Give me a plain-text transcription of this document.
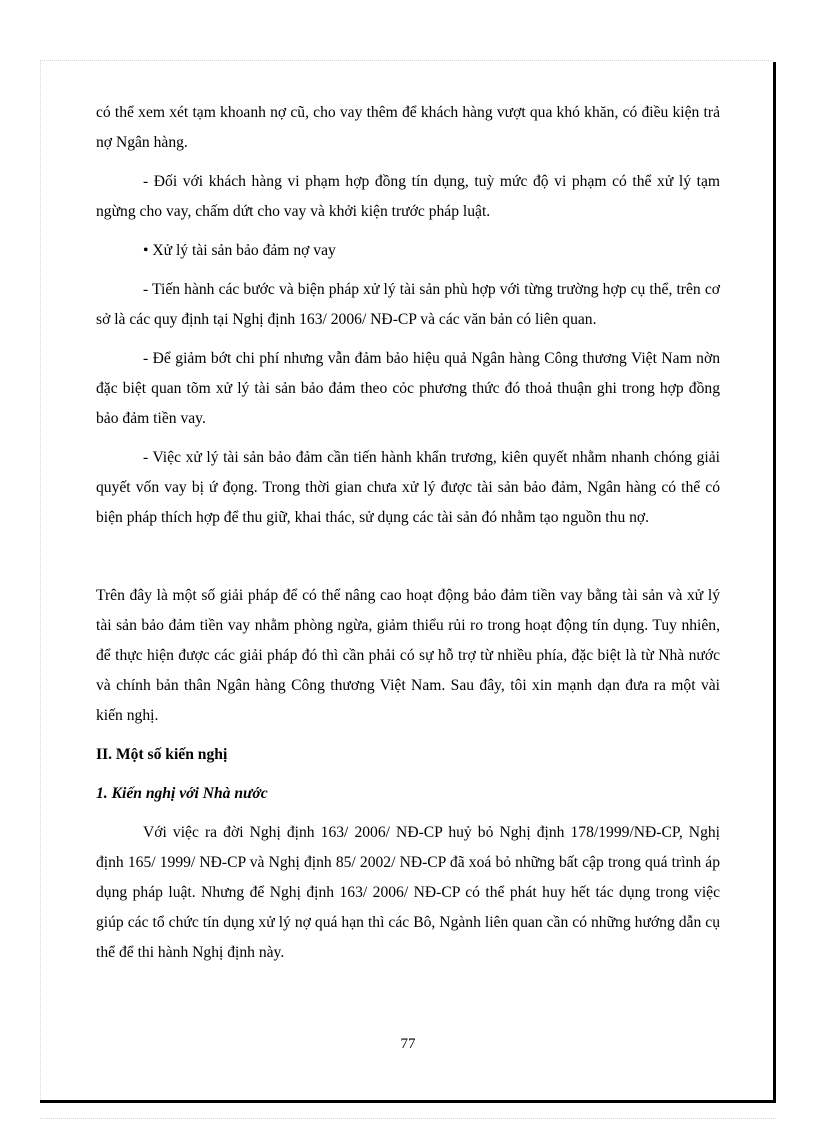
có thể xem xét tạm khoanh nợ cũ, cho vay thêm để khách hàng vượt qua khó khăn, có điều kiện trả nợ Ngân hàng.

- Đối với khách hàng vi phạm hợp đồng tín dụng, tuỳ mức độ vi phạm có thể xử lý tạm ngừng cho vay, chấm dứt cho vay và khởi kiện trước pháp luật.

• Xử lý tài sản bảo đảm nợ vay

- Tiến hành các bước và biện pháp xử lý tài sản phù hợp với từng trường hợp cụ thể, trên cơ sở là các quy định tại Nghị định 163/ 2006/ NĐ-CP và các văn bản có liên quan.

- Để giảm bớt chi phí nhưng vẫn đảm bảo hiệu quả Ngân hàng Công thương Việt Nam nờn đặc biệt quan tõm xử lý tài sản bảo đảm theo cỏc phương thức đó thoả thuận ghi trong hợp đồng bảo đảm tiền vay.

- Việc xử lý tài sản bảo đảm cần tiến hành khẩn trương, kiên quyết nhằm nhanh chóng giải quyết vốn vay bị ứ đọng. Trong thời gian chưa xử lý được tài sản bảo đảm, Ngân hàng có thể có biện pháp thích hợp để thu giữ, khai thác, sử dụng các tài sản đó nhằm tạo nguồn thu nợ.

Trên đây là một số giải pháp để có thể nâng cao hoạt động bảo đảm tiền vay bằng tài sản và xử lý tài sản bảo đảm tiền vay nhằm phòng ngừa, giảm thiểu rủi ro trong hoạt động tín dụng. Tuy nhiên, để thực hiện được các giải pháp đó thì cần phải có sự hỗ trợ từ nhiều phía, đặc biệt là từ Nhà nước và chính bản thân Ngân hàng Công thương Việt Nam. Sau đây, tôi xin mạnh dạn đưa ra một vài kiến nghị.

II. Một số kiến nghị

1. Kiến nghị với Nhà nước

Với việc ra đời Nghị định 163/ 2006/ NĐ-CP huỷ bỏ Nghị định 178/1999/NĐ-CP, Nghị định 165/ 1999/ NĐ-CP và Nghị định 85/ 2002/ NĐ-CP đã xoá bỏ những bất cập trong quá trình áp dụng pháp luật. Nhưng để Nghị định 163/ 2006/ NĐ-CP có thể phát huy hết tác dụng trong việc giúp các tổ chức tín dụng xử lý nợ quá hạn thì các Bô, Ngành liên quan cần có những hướng dẫn cụ thể để thi hành Nghị định này.

77
